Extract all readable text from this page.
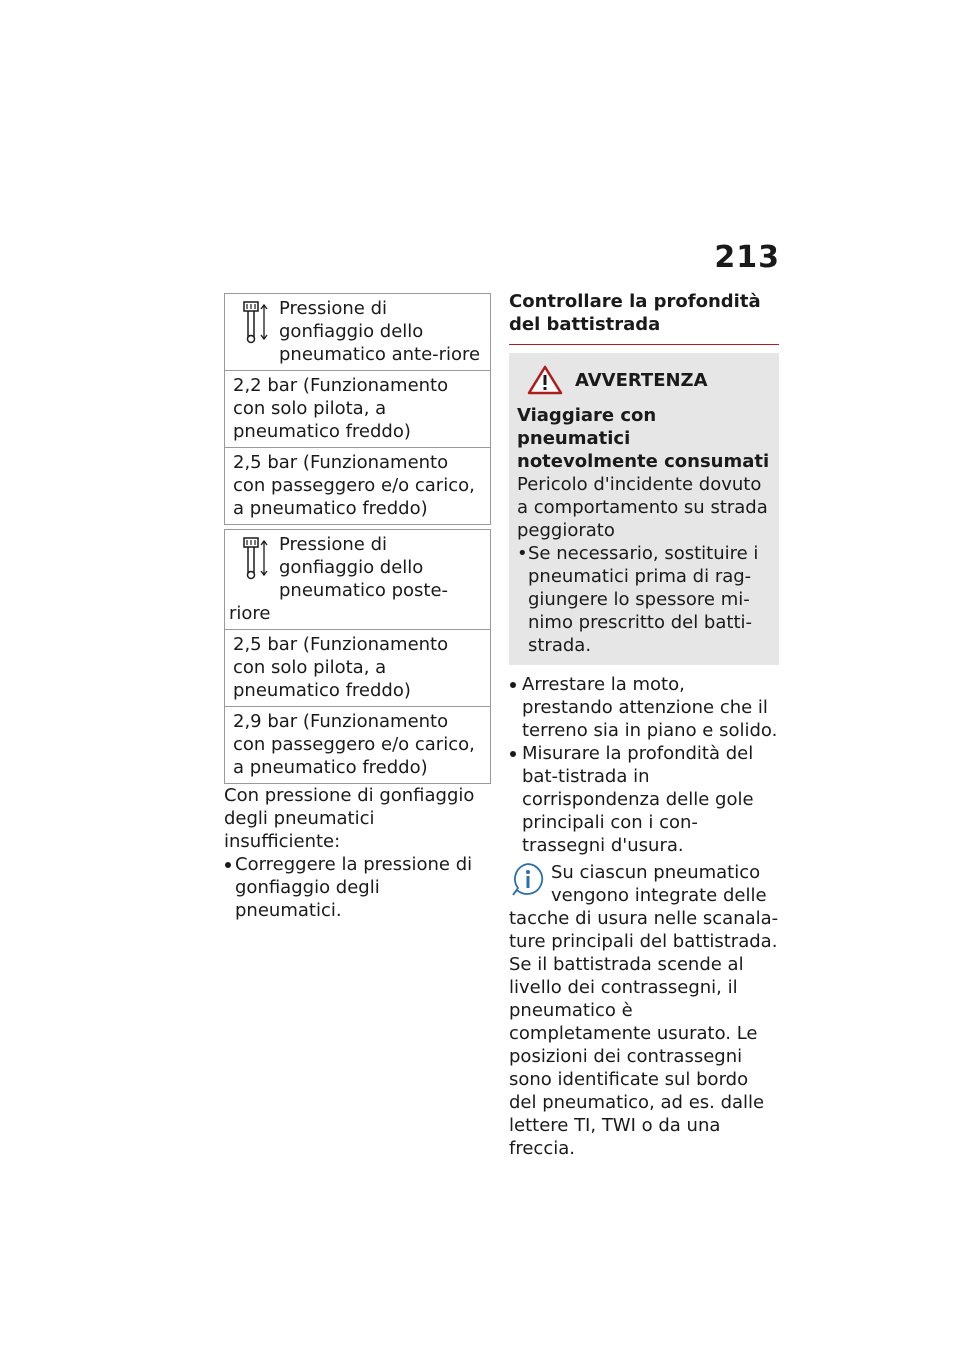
213
Pressione di gonfiaggio dello pneumatico ante-riore
2,2 bar (Funzionamento con solo pilota, a pneumatico freddo)
2,5 bar (Funzionamento con passeggero e/o carico, a pneumatico freddo)
Pressione di gonfiaggio dello pneumatico poste-riore
2,5 bar (Funzionamento con solo pilota, a pneumatico freddo)
2,9 bar (Funzionamento con passeggero e/o carico, a pneumatico freddo)
Con pressione di gonfiaggio degli pneumatici insufficiente:
Correggere la pressione di gonfiaggio degli pneumatici.
Controllare la profondità del battistrada
AVVERTENZA
Viaggiare con pneumatici notevolmente consumati
Pericolo d'incidente dovuto a comportamento su strada peggiorato
• Se necessario, sostituire i pneumatici prima di rag-giungere lo spessore mi-nimo prescritto del batti-strada.
Arrestare la moto, prestando attenzione che il terreno sia in piano e solido.
Misurare la profondità del bat-tistrada in corrispondenza delle gole principali con i con-trassegni d'usura.
Su ciascun pneumatico vengono integrate delle tacche di usura nelle scanala-ture principali del battistrada. Se il battistrada scende al livello dei contrassegni, il pneumatico è completamente usurato. Le posizioni dei contrassegni sono identificate sul bordo del pneumatico, ad es. dalle lettere TI, TWI o da una freccia.
